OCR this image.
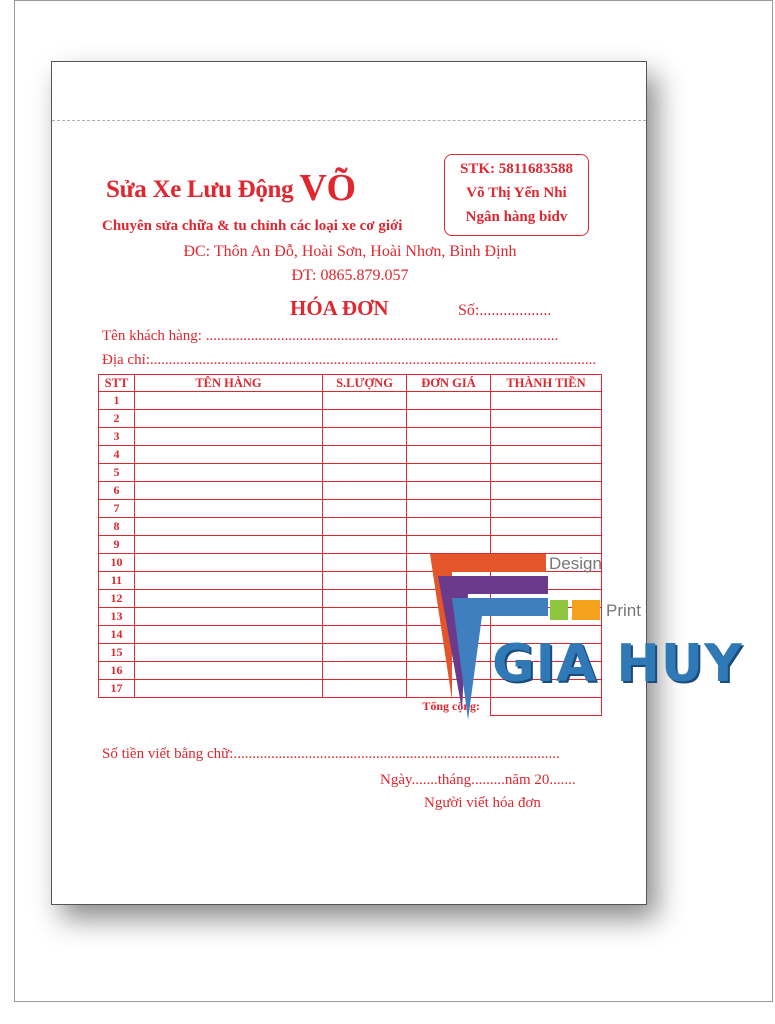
Sửa Xe Lưu Động VÕ
Chuyên sửa chữa & tu chỉnh các loại xe cơ giới
STK: 5811683588
Võ Thị Yến Nhi
Ngân hàng bidv
ĐC: Thôn An Đỗ, Hoài Sơn, Hoài Nhơn, Bình Định
ĐT: 0865.879.057
HÓA ĐƠN	Số:..................
Tên khách hàng: ..............................................................................................
Địa chỉ:.......................................................................................................................
STT	TÊN HÀNG	S.LƯỢNG	ĐƠN GIÁ	THÀNH TIỀN
1				
2				
3				
4				
5				
6				
7				
8				
9				
10				
11				
12				
13				
14				
15				
16				
17				
Tổng cộng:				
Số tiền viết bằng chữ:.......................................................................................
Ngày.......tháng.........năm 20.......
Người viết hóa đơn
Design
Print
GIA HUY
